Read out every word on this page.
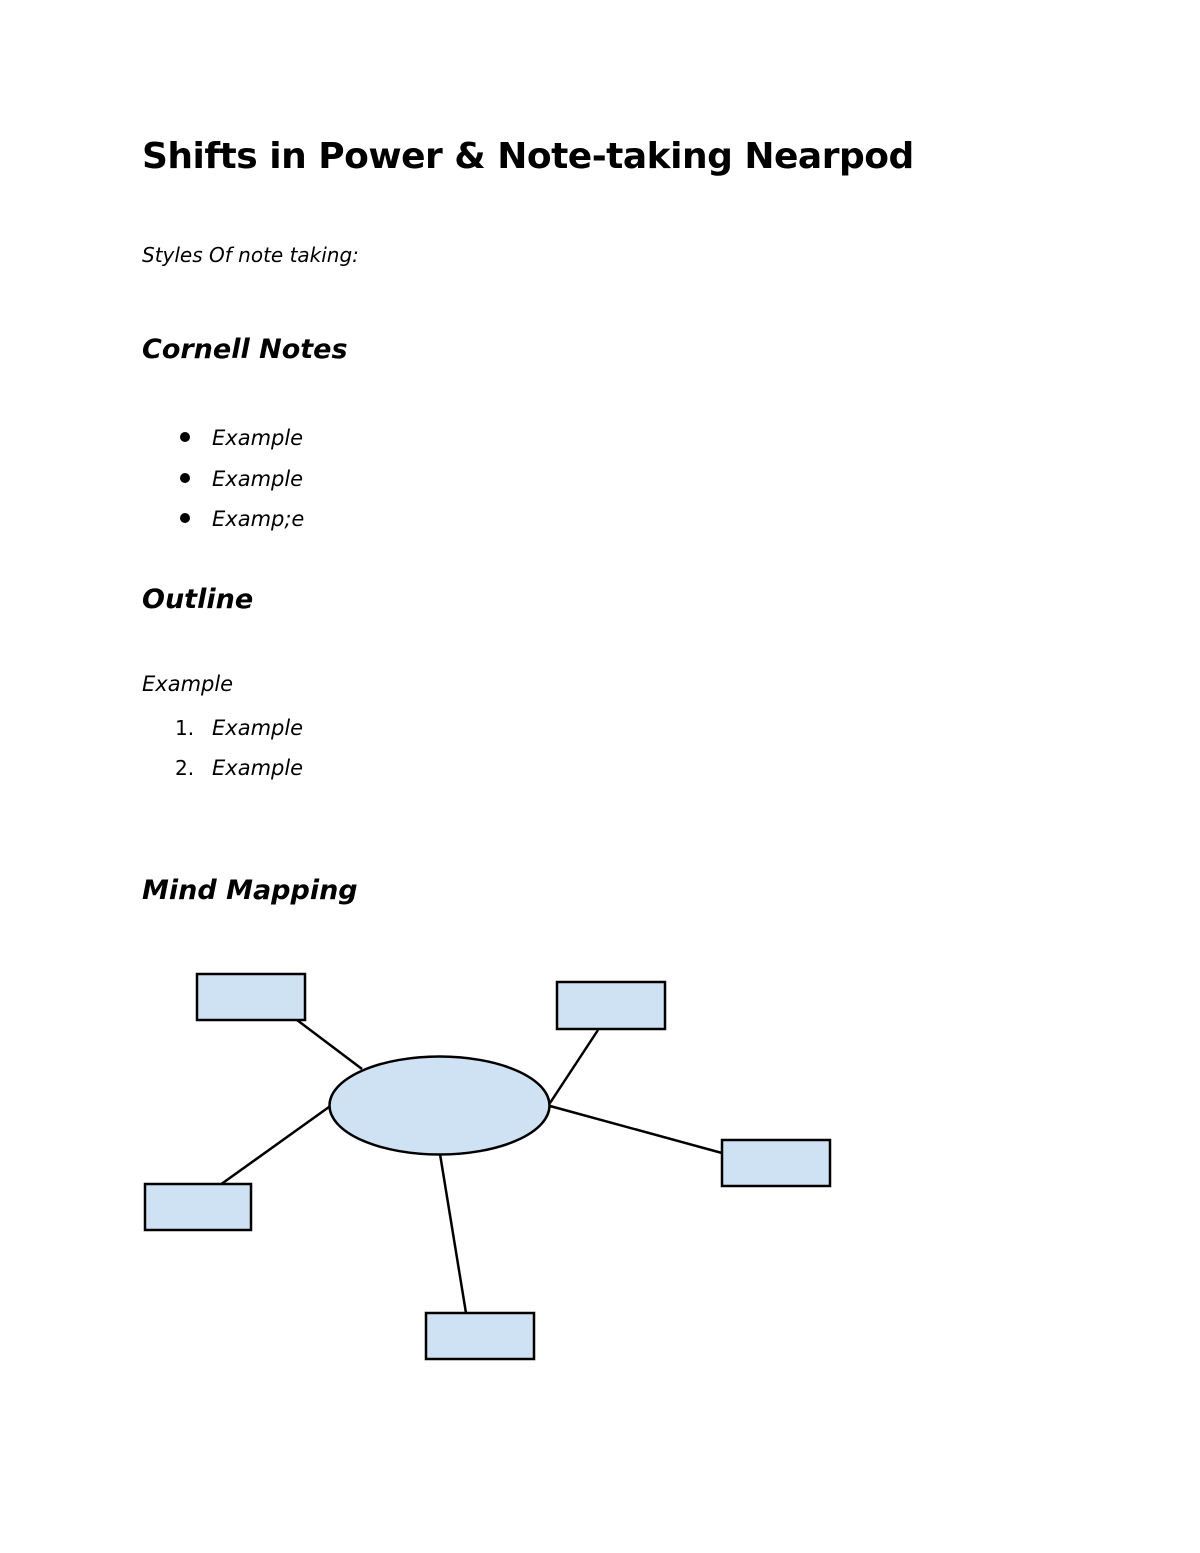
Shifts in Power & Note-taking Nearpod

Styles Of note taking:

Cornell Notes
Example
Example
Examp;e
Outline

Example

1. Example
2. Example
Mind Mapping
